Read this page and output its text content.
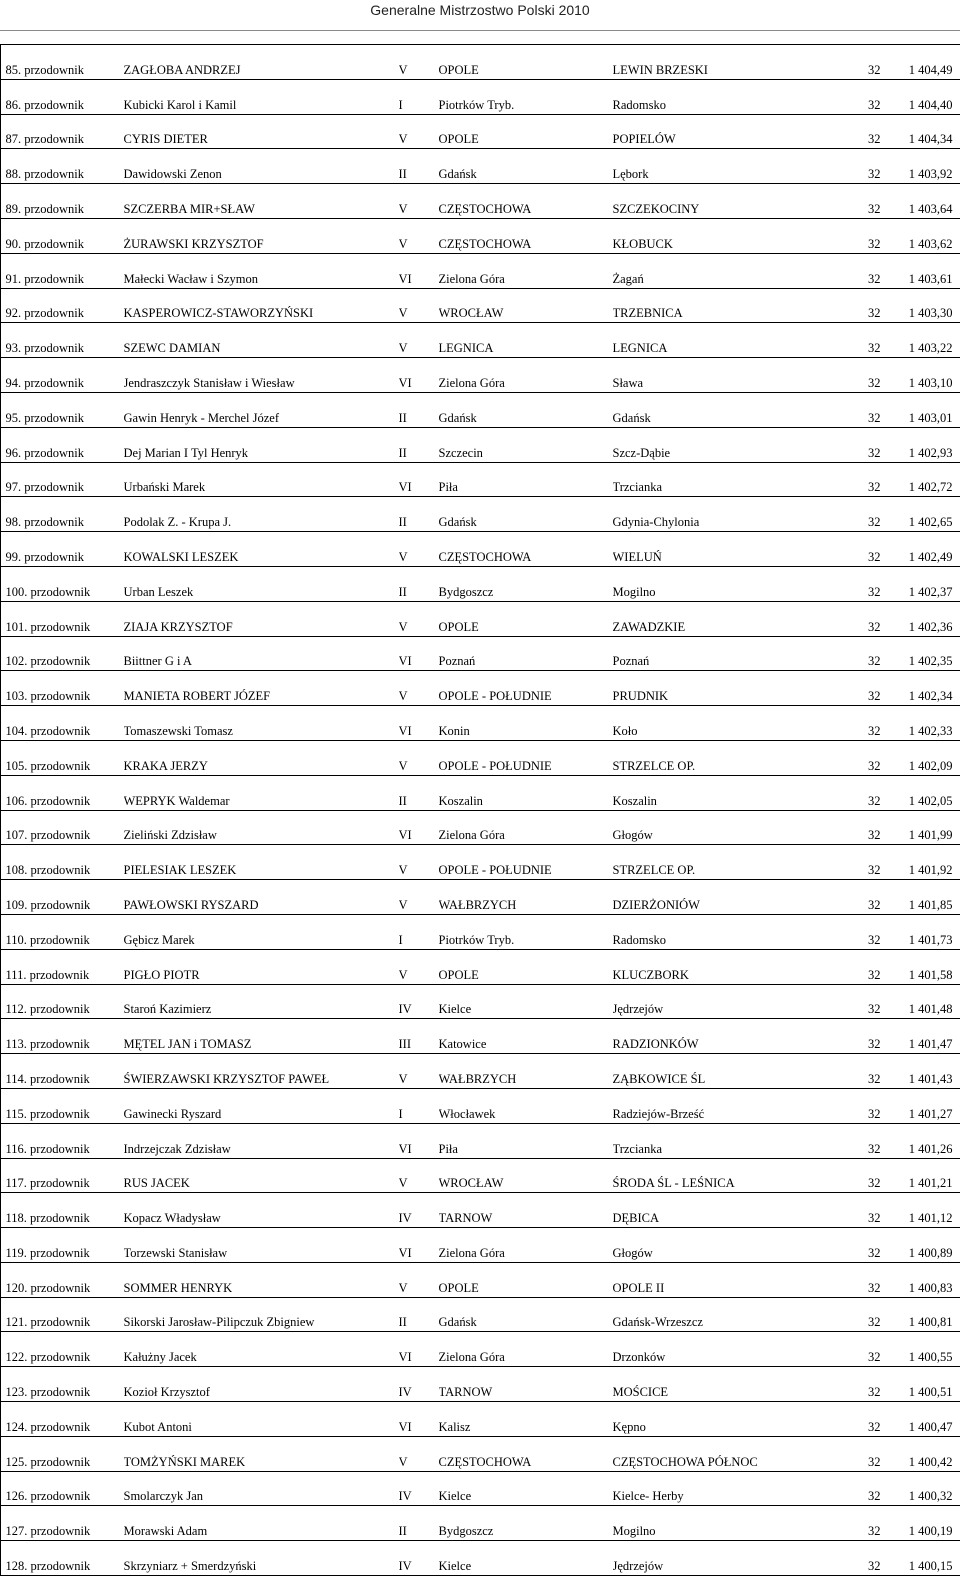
Generalne Mistrzostwo Polski 2010
	85. przodownik	ZAGŁOBA ANDRZEJ	V	OPOLE	LEWIN BRZESKI	32	1 404,49
	86. przodownik	Kubicki Karol i Kamil	I	Piotrków Tryb.	Radomsko	32	1 404,40
	87. przodownik	CYRIS DIETER	V	OPOLE	POPIELÓW	32	1 404,34
	88. przodownik	Dawidowski Zenon	II	Gdańsk	Lębork	32	1 403,92
	89. przodownik	SZCZERBA MIR+SŁAW	V	CZĘSTOCHOWA	SZCZEKOCINY	32	1 403,64
	90. przodownik	ŻURAWSKI KRZYSZTOF	V	CZĘSTOCHOWA	KŁOBUCK	32	1 403,62
	91. przodownik	Małecki Wacław i Szymon	VI	Zielona Góra	Żagań	32	1 403,61
	92. przodownik	KASPEROWICZ-STAWORZYŃSKI	V	WROCŁAW	TRZEBNICA	32	1 403,30
	93. przodownik	SZEWC DAMIAN	V	LEGNICA	LEGNICA	32	1 403,22
	94. przodownik	Jendraszczyk Stanisław i Wiesław	VI	Zielona Góra	Sława	32	1 403,10
	95. przodownik	Gawin Henryk - Merchel Józef	II	Gdańsk	Gdańsk	32	1 403,01
	96. przodownik	Dej Marian I Tyl Henryk	II	Szczecin	Szcz-Dąbie	32	1 402,93
	97. przodownik	Urbański Marek	VI	Piła	Trzcianka	32	1 402,72
	98. przodownik	Podolak Z. - Krupa J.	II	Gdańsk	Gdynia-Chylonia	32	1 402,65
	99. przodownik	KOWALSKI LESZEK	V	CZĘSTOCHOWA	WIELUŃ	32	1 402,49
	100. przodownik	Urban Leszek	II	Bydgoszcz	Mogilno	32	1 402,37
	101. przodownik	ZIAJA KRZYSZTOF	V	OPOLE	ZAWADZKIE	32	1 402,36
	102. przodownik	Biittner G i A	VI	Poznań	Poznań	32	1 402,35
	103. przodownik	MANIETA ROBERT JÓZEF	V	OPOLE - POŁUDNIE	PRUDNIK	32	1 402,34
	104. przodownik	Tomaszewski Tomasz	VI	Konin	Koło	32	1 402,33
	105. przodownik	KRAKA JERZY	V	OPOLE - POŁUDNIE	STRZELCE OP.	32	1 402,09
	106. przodownik	WEPRYK Waldemar	II	Koszalin	Koszalin	32	1 402,05
	107. przodownik	Zieliński Zdzisław	VI	Zielona Góra	Głogów	32	1 401,99
	108. przodownik	PIELESIAK LESZEK	V	OPOLE - POŁUDNIE	STRZELCE OP.	32	1 401,92
	109. przodownik	PAWŁOWSKI RYSZARD	V	WAŁBRZYCH	DZIERŻONIÓW	32	1 401,85
	110. przodownik	Gębicz Marek	I	Piotrków Tryb.	Radomsko	32	1 401,73
	111. przodownik	PIGŁO PIOTR	V	OPOLE	KLUCZBORK	32	1 401,58
	112. przodownik	Staroń Kazimierz	IV	Kielce	Jędrzejów	32	1 401,48
	113. przodownik	MĘTEL JAN i TOMASZ	III	Katowice	RADZIONKÓW	32	1 401,47
	114. przodownik	ŚWIERZAWSKI KRZYSZTOF PAWEŁ	V	WAŁBRZYCH	ZĄBKOWICE ŚL	32	1 401,43
	115. przodownik	Gawinecki Ryszard	I	Włocławek	Radziejów-Brześć	32	1 401,27
	116. przodownik	Indrzejczak Zdzisław	VI	Piła	Trzcianka	32	1 401,26
	117. przodownik	RUS JACEK	V	WROCŁAW	ŚRODA ŚL - LEŚNICA	32	1 401,21
	118. przodownik	Kopacz Władysław	IV	TARNOW	DĘBICA	32	1 401,12
	119. przodownik	Torzewski Stanisław	VI	Zielona Góra	Głogów	32	1 400,89
	120. przodownik	SOMMER HENRYK	V	OPOLE	OPOLE II	32	1 400,83
	121. przodownik	Sikorski Jarosław-Pilipczuk Zbigniew	II	Gdańsk	Gdańsk-Wrzeszcz	32	1 400,81
	122. przodownik	Kałużny Jacek	VI	Zielona Góra	Drzonków	32	1 400,55
	123. przodownik	Kozioł Krzysztof	IV	TARNOW	MOŚCICE	32	1 400,51
	124. przodownik	Kubot Antoni	VI	Kalisz	Kępno	32	1 400,47
	125. przodownik	TOMŻYŃSKI MAREK	V	CZĘSTOCHOWA	CZĘSTOCHOWA PÓŁNOC	32	1 400,42
	126. przodownik	Smolarczyk Jan	IV	Kielce	Kielce- Herby	32	1 400,32
	127. przodownik	Morawski Adam	II	Bydgoszcz	Mogilno	32	1 400,19
	128. przodownik	Skrzyniarz + Smerdzyński	IV	Kielce	Jędrzejów	32	1 400,15
